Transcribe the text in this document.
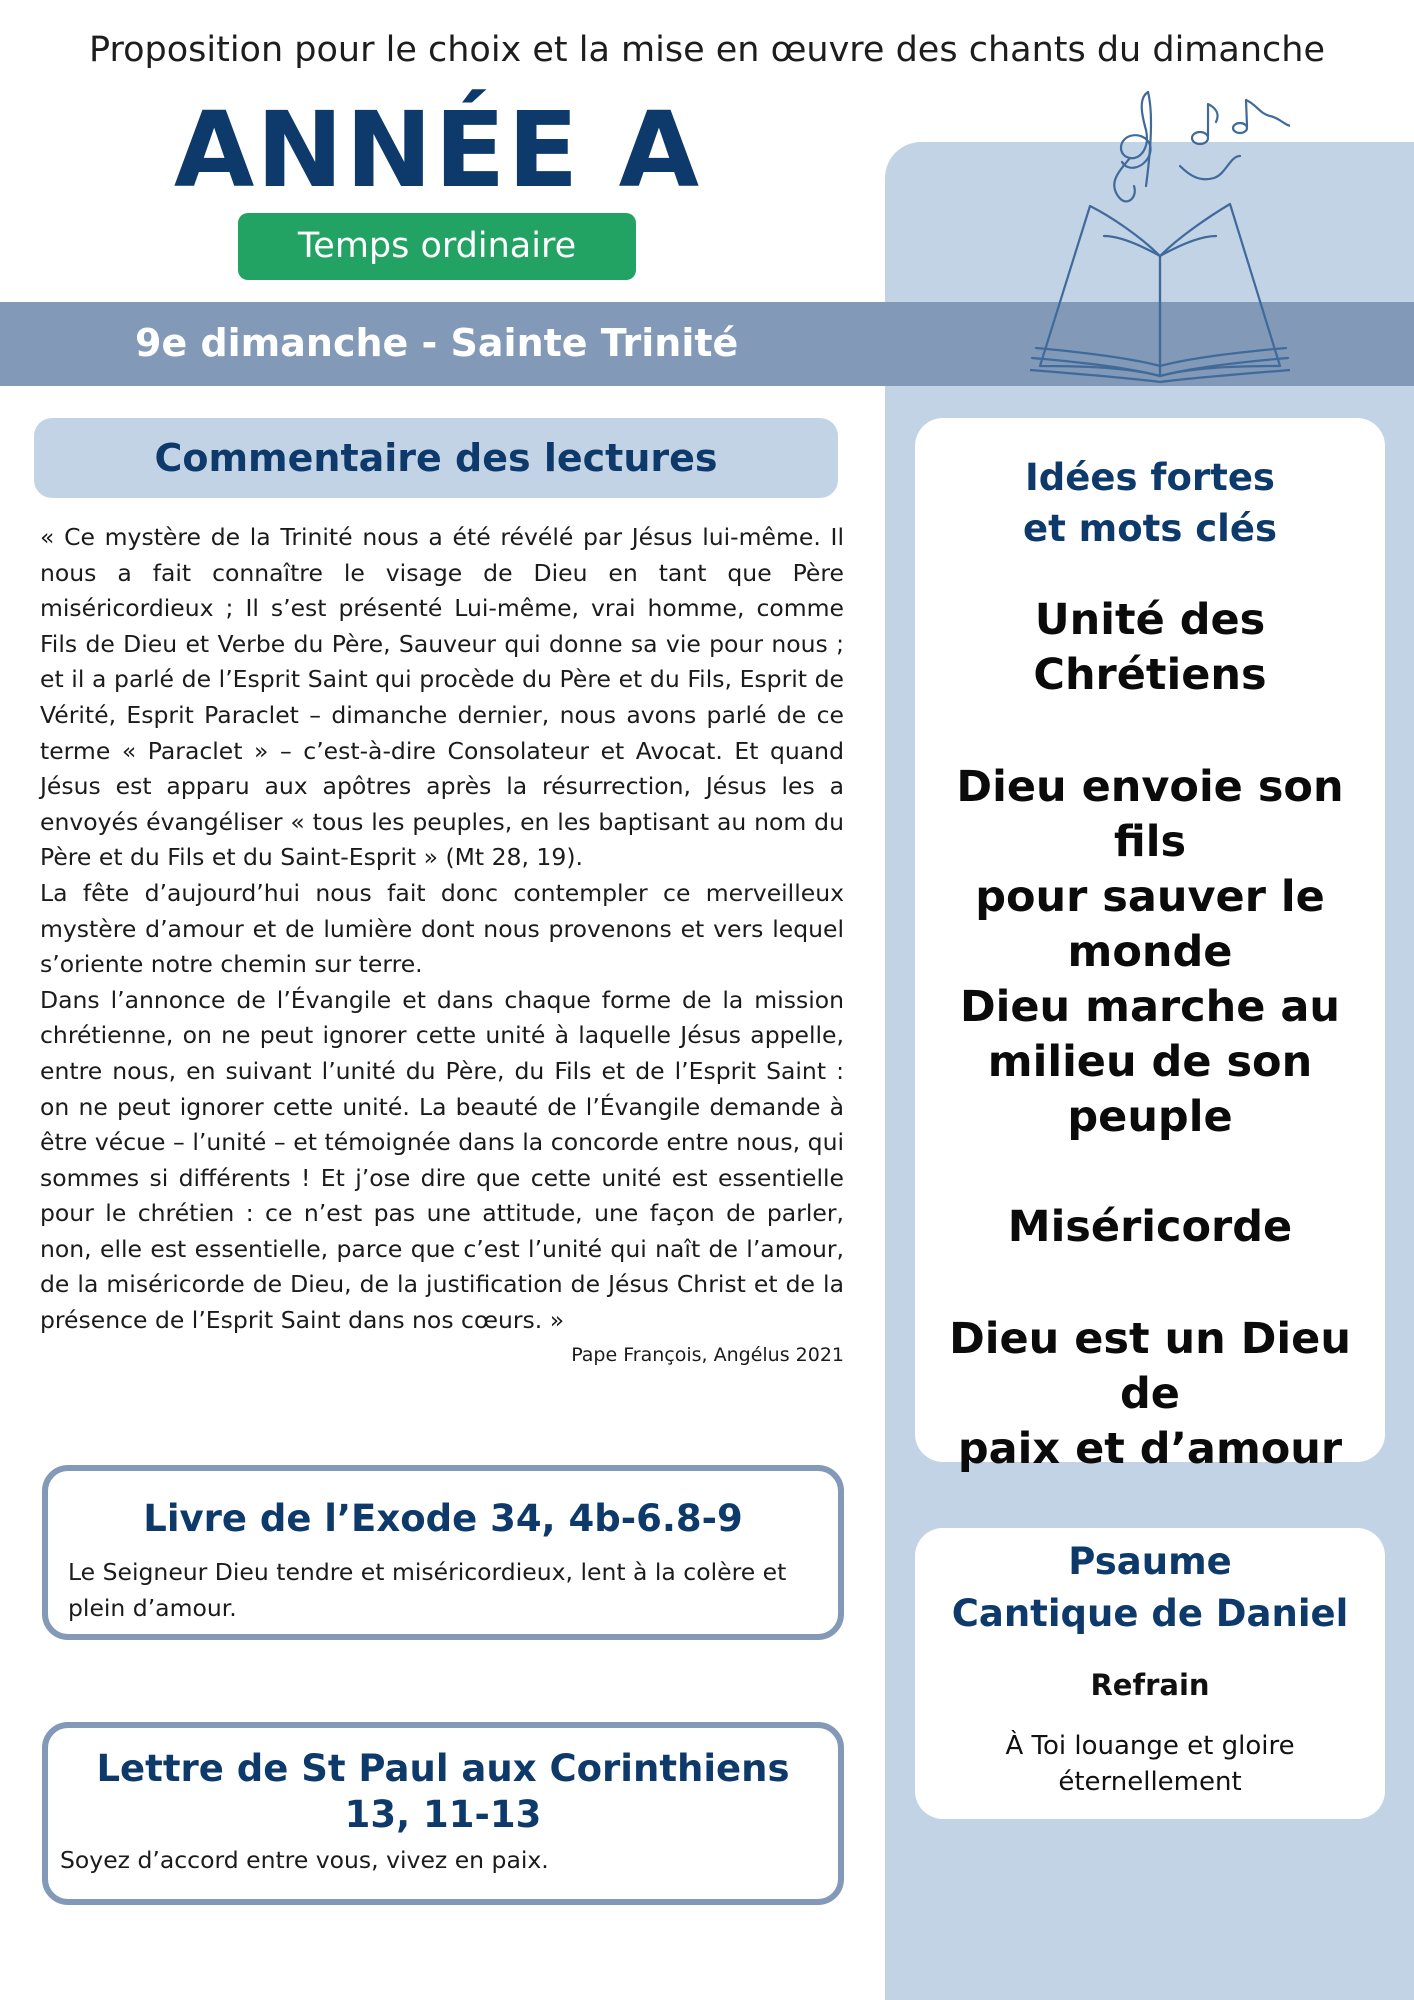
Proposition pour le choix et la mise en œuvre des chants du dimanche
ANNÉE A
Temps ordinaire
9e dimanche - Sainte Trinité
Commentaire des lectures

« Ce mystère de la Trinité nous a été révélé par Jésus lui-même. Il nous a fait connaître le visage de Dieu en tant que Père miséricordieux ; Il s’est présenté Lui-même, vrai homme, comme Fils de Dieu et Verbe du Père, Sauveur qui donne sa vie pour nous ; et il a parlé de l’Esprit Saint qui procède du Père et du Fils, Esprit de Vérité, Esprit Paraclet – dimanche dernier, nous avons parlé de ce terme « Paraclet » – c’est-à-dire Consolateur et Avocat. Et quand Jésus est apparu aux apôtres après la résurrection, Jésus les a envoyés évangéliser « tous les peuples, en les baptisant au nom du Père et du Fils et du Saint-Esprit » (Mt 28, 19).

La fête d’aujourd’hui nous fait donc contempler ce merveilleux mystère d’amour et de lumière dont nous provenons et vers lequel s’oriente notre chemin sur terre.

Dans l’annonce de l’Évangile et dans chaque forme de la mission chrétienne, on ne peut ignorer cette unité à laquelle Jésus appelle, entre nous, en suivant l’unité du Père, du Fils et de l’Esprit Saint : on ne peut ignorer cette unité. La beauté de l’Évangile demande à être vécue – l’unité – et témoignée dans la concorde entre nous, qui sommes si différents ! Et j’ose dire que cette unité est essentielle pour le chrétien : ce n’est pas une attitude, une façon de parler, non, elle est essentielle, parce que c’est l’unité qui naît de l’amour, de la miséricorde de Dieu, de la justification de Jésus Christ et de la présence de l’Esprit Saint dans nos cœurs. »

Pape François, Angélus 2021
Livre de l’Exode 34, 4b-6.8-9
Le Seigneur Dieu tendre et miséricordieux, lent à la colère et plein d’amour.
Lettre de St Paul aux Corinthiens
13, 11-13
Soyez d’accord entre vous, vivez en paix.
Idées fortes
et mots clés
Unité des
Chrétiens
Dieu envoie son fils
pour sauver le
monde
Dieu marche au
milieu de son
peuple
Miséricorde
Dieu est un Dieu de
paix et d’amour
Psaume
Cantique de Daniel
Refrain
À Toi louange et gloire éternellement
